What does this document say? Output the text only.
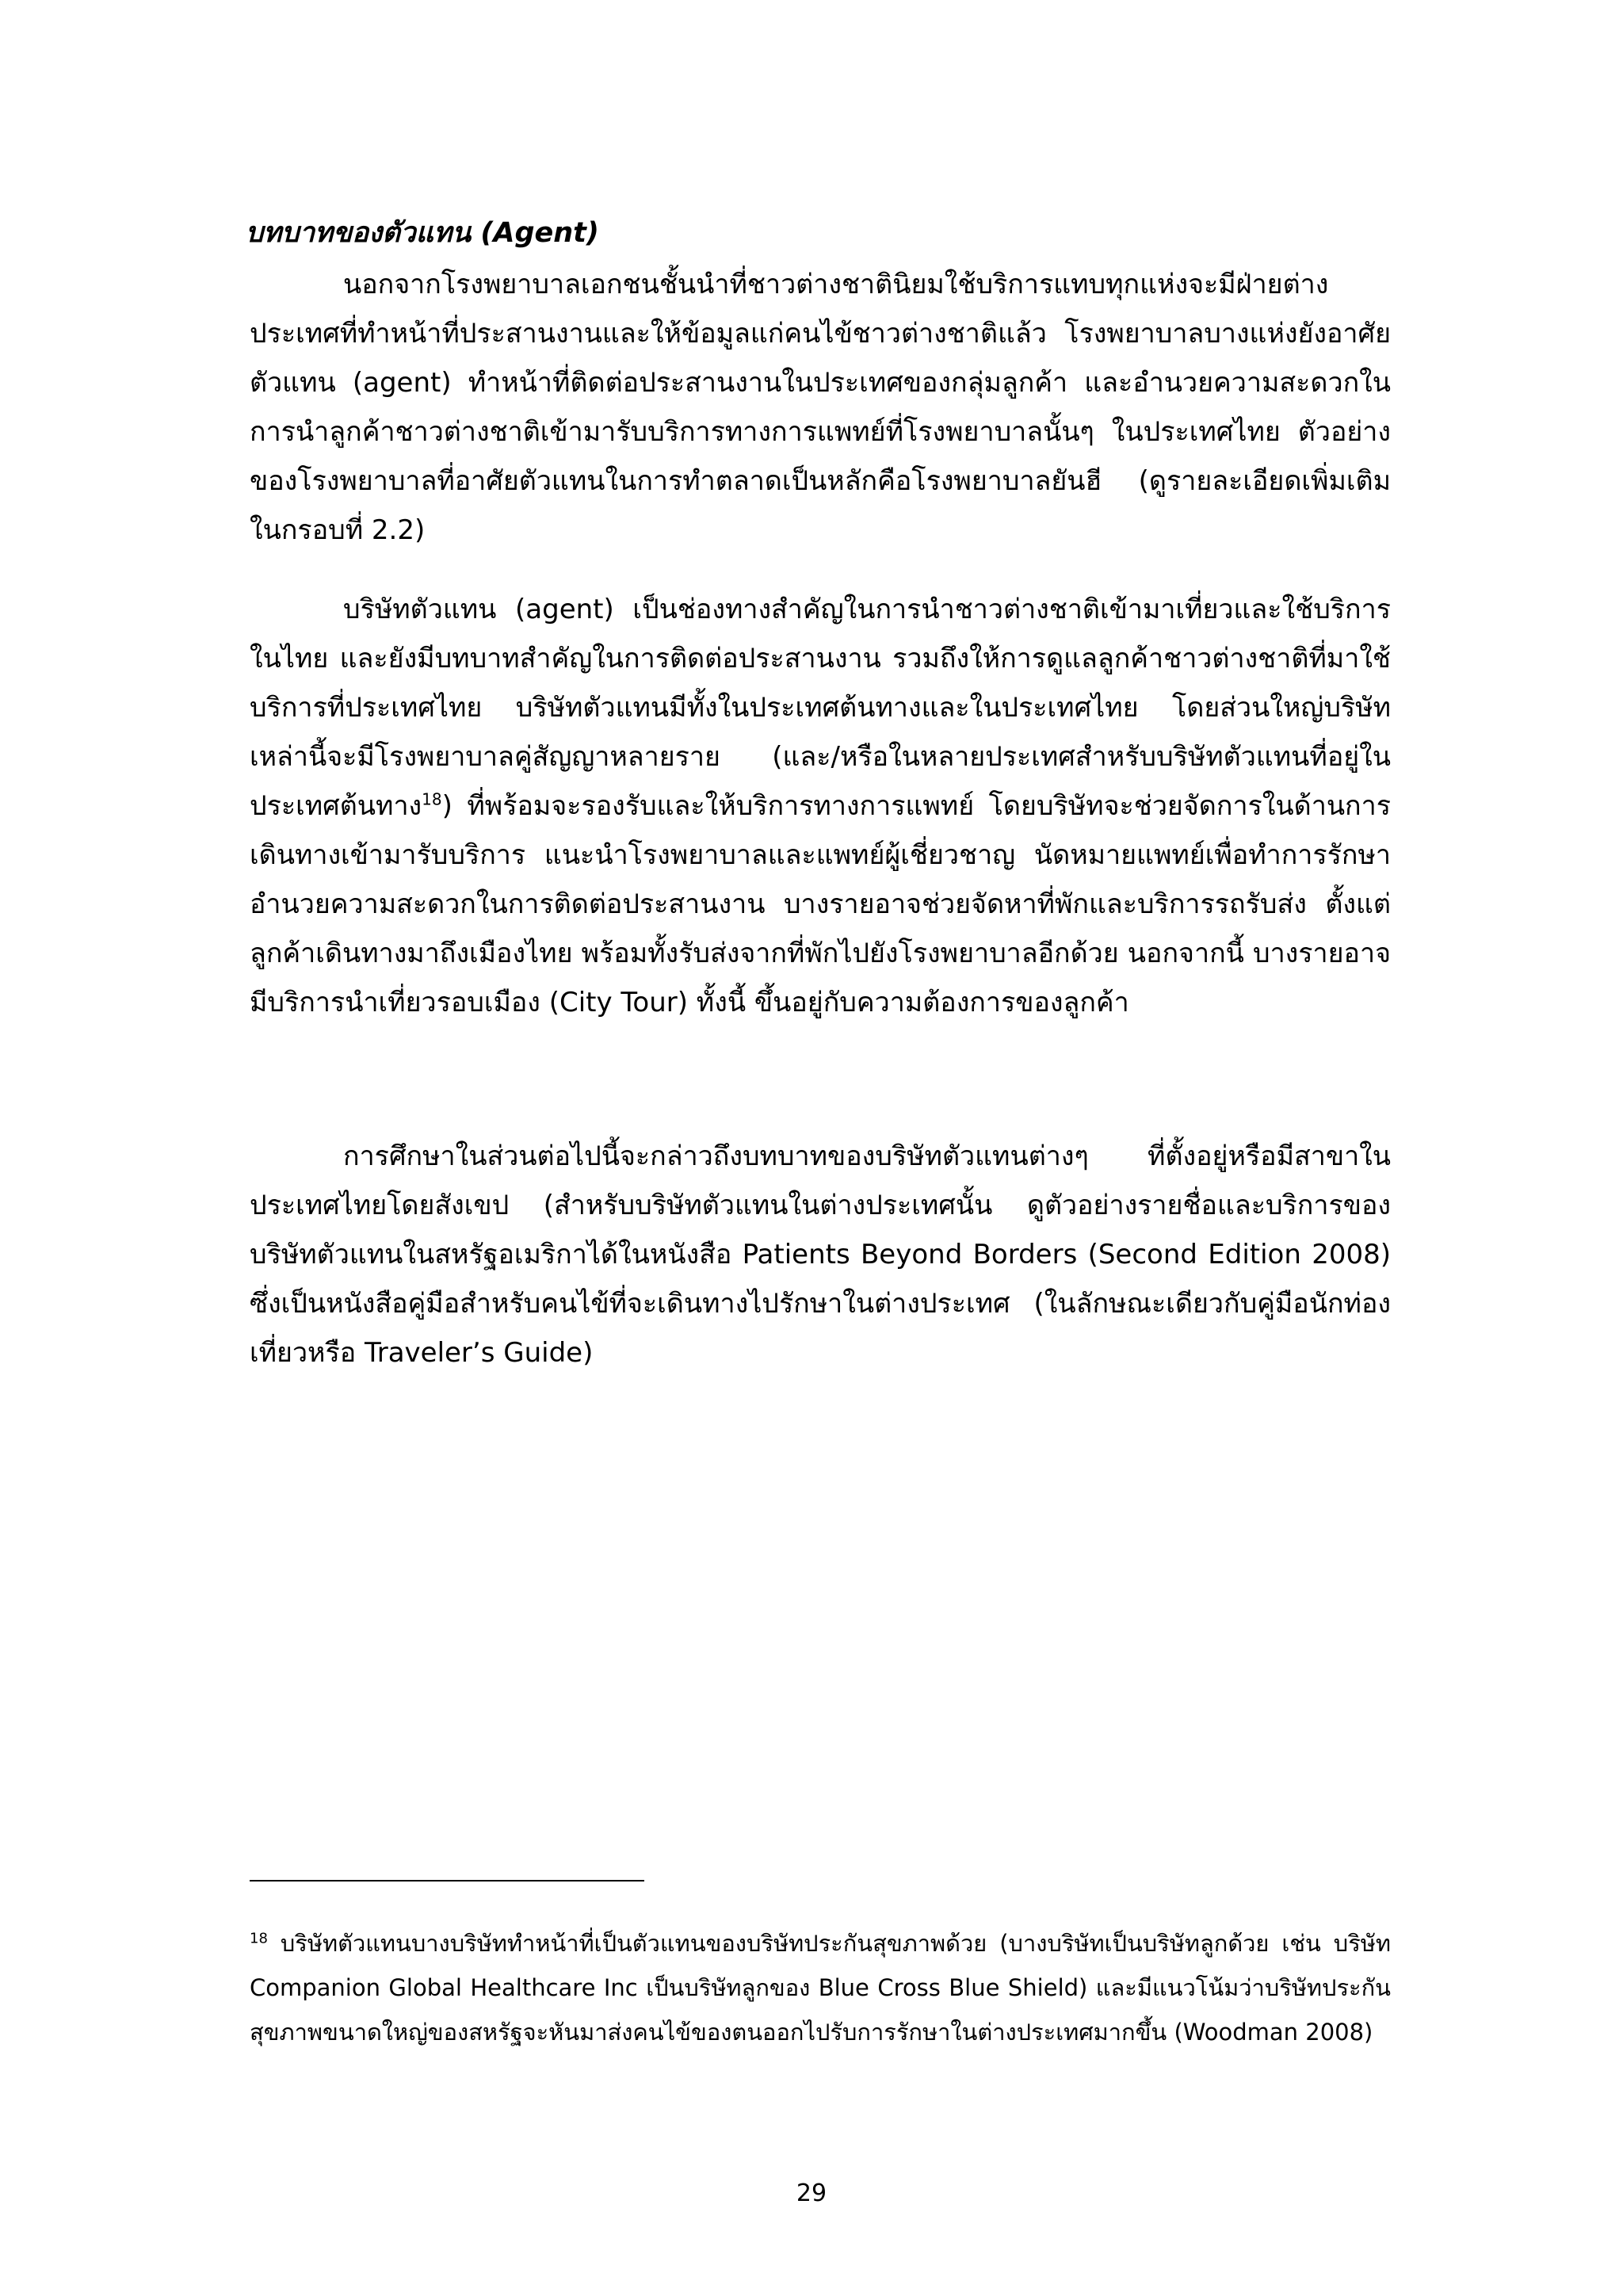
บทบาทของตัวแทน (Agent)

นอกจากโรงพยาบาลเอกชนชั้นนำที่ชาวต่างชาตินิยมใช้บริการแทบทุกแห่งจะมีฝ่ายต่างประเทศที่ทำหน้าที่ประสานงานและให้ข้อมูลแก่คนไข้ชาวต่างชาติแล้ว โรงพยาบาลบางแห่งยังอาศัยตัวแทน (agent) ทำหน้าที่ติดต่อประสานงานในประเทศของกลุ่มลูกค้า และอำนวยความสะดวกในการนำลูกค้าชาวต่างชาติเข้ามารับบริการทางการแพทย์ที่โรงพยาบาลนั้นๆ ในประเทศไทย ตัวอย่างของโรงพยาบาลที่อาศัยตัวแทนในการทำตลาดเป็นหลักคือโรงพยาบาลยันฮี (ดูรายละเอียดเพิ่มเติมในกรอบที่ 2.2)

บริษัทตัวแทน (agent) เป็นช่องทางสำคัญในการนำชาวต่างชาติเข้ามาเที่ยวและใช้บริการในไทย และยังมีบทบาทสำคัญในการติดต่อประสานงาน รวมถึงให้การดูแลลูกค้าชาวต่างชาติที่มาใช้บริการที่ประเทศไทย บริษัทตัวแทนมีทั้งในประเทศต้นทางและในประเทศไทย โดยส่วนใหญ่บริษัทเหล่านี้จะมีโรงพยาบาลคู่สัญญาหลายราย (และ/หรือในหลายประเทศสำหรับบริษัทตัวแทนที่อยู่ในประเทศต้นทาง$^{18}$) ที่พร้อมจะรองรับและให้บริการทางการแพทย์ โดยบริษัทจะช่วยจัดการในด้านการเดินทางเข้ามารับบริการ แนะนำโรงพยาบาลและแพทย์ผู้เชี่ยวชาญ นัดหมายแพทย์เพื่อทำการรักษา อำนวยความสะดวกในการติดต่อประสานงาน บางรายอาจช่วยจัดหาที่พักและบริการรถรับส่ง ตั้งแต่ลูกค้าเดินทางมาถึงเมืองไทย พร้อมทั้งรับส่งจากที่พักไปยังโรงพยาบาลอีกด้วย นอกจากนี้ บางรายอาจมีบริการนำเที่ยวรอบเมือง (City Tour) ทั้งนี้ ขึ้นอยู่กับความต้องการของลูกค้า

การศึกษาในส่วนต่อไปนี้จะกล่าวถึงบทบาทของบริษัทตัวแทนต่างๆ ที่ตั้งอยู่หรือมีสาขาในประเทศไทยโดยสังเขป (สำหรับบริษัทตัวแทนในต่างประเทศนั้น ดูตัวอย่างรายชื่อและบริการของบริษัทตัวแทนในสหรัฐอเมริกาได้ในหนังสือ Patients Beyond Borders (Second Edition 2008) ซึ่งเป็นหนังสือคู่มือสำหรับคนไข้ที่จะเดินทางไปรักษาในต่างประเทศ (ในลักษณะเดียวกับคู่มือนักท่องเที่ยวหรือ Traveler’s Guide)

$^{18}$ บริษัทตัวแทนบางบริษัททำหน้าที่เป็นตัวแทนของบริษัทประกันสุขภาพด้วย (บางบริษัทเป็นบริษัทลูกด้วย เช่น บริษัท Companion Global Healthcare Inc เป็นบริษัทลูกของ Blue Cross Blue Shield) และมีแนวโน้มว่าบริษัทประกันสุขภาพขนาดใหญ่ของสหรัฐจะหันมาส่งคนไข้ของตนออกไปรับการรักษาในต่างประเทศมากขึ้น (Woodman 2008)

29
